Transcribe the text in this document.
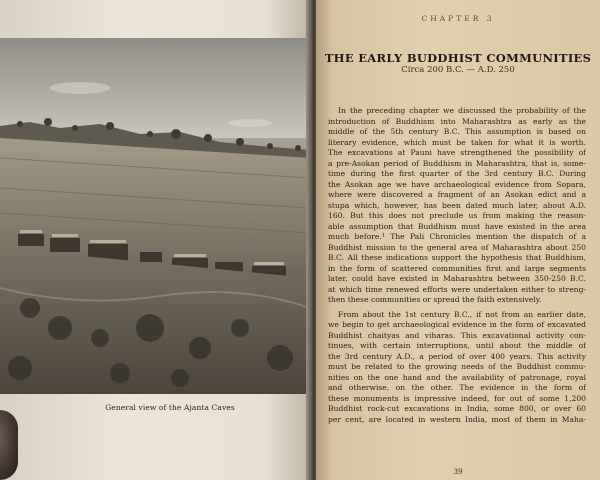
General view of the Ajanta Caves
CHAPTER 3
THE EARLY BUDDHIST COMMUNITIES
Circa 200 B.C. — A.D. 250
In the preceding chapter we discussed the probability of the
introduction of Buddhism into Maharashtra as early as the
middle of the 5th century B.C. This assumption is based on
literary evidence, which must be taken for what it is worth.
The excavations at Pauni have strengthened the possibility of
a pre-Asokan period of Buddhism in Maharashtra, that is, some-
time during the first quarter of the 3rd century B.C. During
the Asokan age we have archaeological evidence from Sopara,
where were discovered a fragment of an Asokan edict and a
stupa which, however, has been dated much later, about A.D.
160. But this does not preclude us from making the reason-
able assumption that Buddhism must have existed in the area
much before.¹ The Pali Chronicles mention the dispatch of a
Buddhist mission to the general area of Maharashtra about 250
B.C. All these indications support the hypothesis that Buddhism,
in the form of scattered communities first and large segments
later, could have existed in Maharashtra between 350-250 B.C.
at which time renewed efforts were undertaken either to streng-
then these communities or spread the faith extensively.
From about the 1st century B.C., if not from an earlier date,
we begin to get archaeological evidence in the form of excavated
Buddhist chaityas and viharas. This excavational activity con-
tinues, with certain interruptions, until about the middle of
the 3rd century A.D., a period of over 400 years. This activity
must be related to the growing needs of the Buddhist commu-
nities on the one hand and the availability of patronage, royal
and otherwise, on the other. The evidence in the form of
these monuments is impressive indeed, for out of some 1,200
Buddhist rock-cut excavations in India, some 800, or over 60
per cent, are located in western India, most of them in Maha-
39
